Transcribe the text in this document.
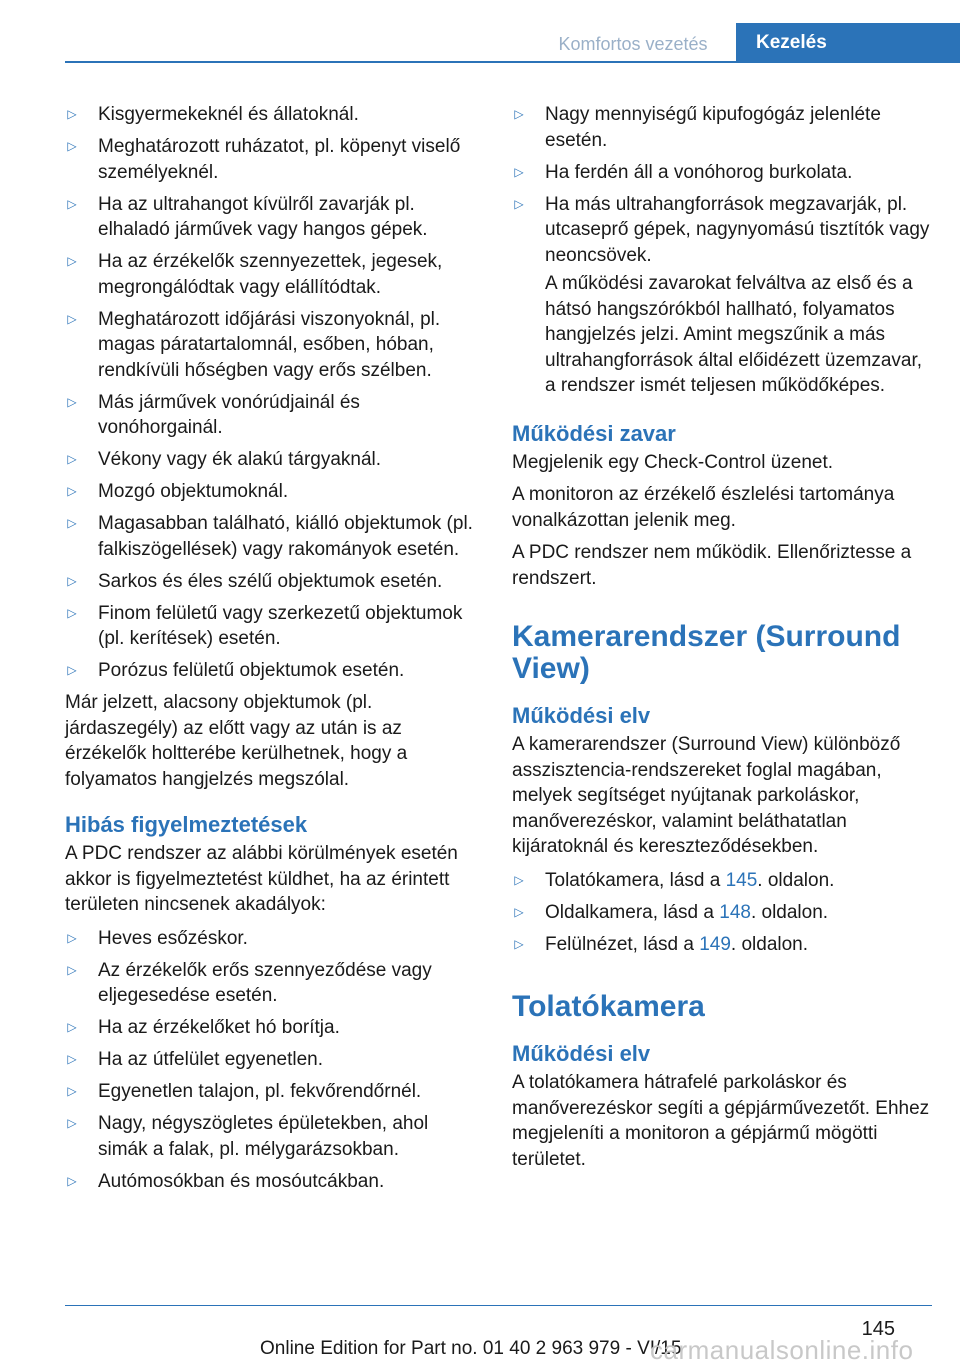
Komfortos vezetés	Kezelés
▷ Kisgyermekeknél és állatoknál.
▷ Meghatározott ruházatot, pl. köpenyt viselő személyeknél.
▷ Ha az ultrahangot kívülről zavarják pl. elhaladó járművek vagy hangos gépek.
▷ Ha az érzékelők szennyezettek, jegesek, megrongálódtak vagy elállítódtak.
▷ Meghatározott időjárási viszonyoknál, pl. magas páratartalomnál, esőben, hóban, rendkívüli hőségben vagy erős szélben.
▷ Más járművek vonórúdjainál és vonóhorgainál.
▷ Vékony vagy ék alakú tárgyaknál.
▷ Mozgó objektumoknál.
▷ Magasabban található, kiálló objektumok (pl. falkiszögellések) vagy rakományok esetén.
▷ Sarkos és éles szélű objektumok esetén.
▷ Finom felületű vagy szerkezetű objektumok (pl. kerítések) esetén.
▷ Porózus felületű objektumok esetén.

Már jelzett, alacsony objektumok (pl. járdaszegély) az előtt vagy az után is az érzékelők holtterébe kerülhetnek, hogy a folyamatos hangjelzés megszólal.

Hibás figyelmeztetések

A PDC rendszer az alábbi körülmények esetén akkor is figyelmeztetést küldhet, ha az érintett területen nincsenek akadályok:

▷ Heves esőzéskor.
▷ Az érzékelők erős szennyeződése vagy eljegesedése esetén.
▷ Ha az érzékelőket hó borítja.
▷ Ha az útfelület egyenetlen.
▷ Egyenetlen talajon, pl. fekvőrendőrnél.
▷ Nagy, négyszögletes épületekben, ahol simák a falak, pl. mélygarázsokban.
▷ Autómosókban és mosóutcákban.
▷ Nagy mennyiségű kipufogógáz jelenléte esetén.
▷ Ha ferdén áll a vonóhorog burkolata.
▷ Ha más ultrahangforrások megzavarják, pl. utcaseprő gépek, nagynyomású tisztítók vagy neoncsövek.

A működési zavarokat felváltva az első és a hátsó hangszórókból hallható, folyamatos hangjelzés jelzi. Amint megszűnik a más ultrahangforrások által előidézett üzemzavar, a rendszer ismét teljesen működőképes.

Működési zavar

Megjelenik egy Check-Control üzenet.

A monitoron az érzékelő észlelési tartománya vonalkázottan jelenik meg.

A PDC rendszer nem működik. Ellenőriztesse a rendszert.

Kamerarendszer (Surround View)
Működési elv

A kamerarendszer (Surround View) különböző asszisztencia-rendszereket foglal magában, melyek segítséget nyújtanak parkoláskor, manőverezéskor, valamint beláthatatlan kijáratoknál és kereszteződésekben.

▷ Tolatókamera, lásd a 145. oldalon.
▷ Oldalkamera, lásd a 148. oldalon.
▷ Felülnézet, lásd a 149. oldalon.
Tolatókamera
Működési elv

A tolatókamera hátrafelé parkoláskor és manőverezéskor segíti a gépjárművezetőt. Ehhez megjeleníti a monitoron a gépjármű mögötti területet.

145
Online Edition for Part no. 01 40 2 963 979 - VI/15
carmanualsonline.info
